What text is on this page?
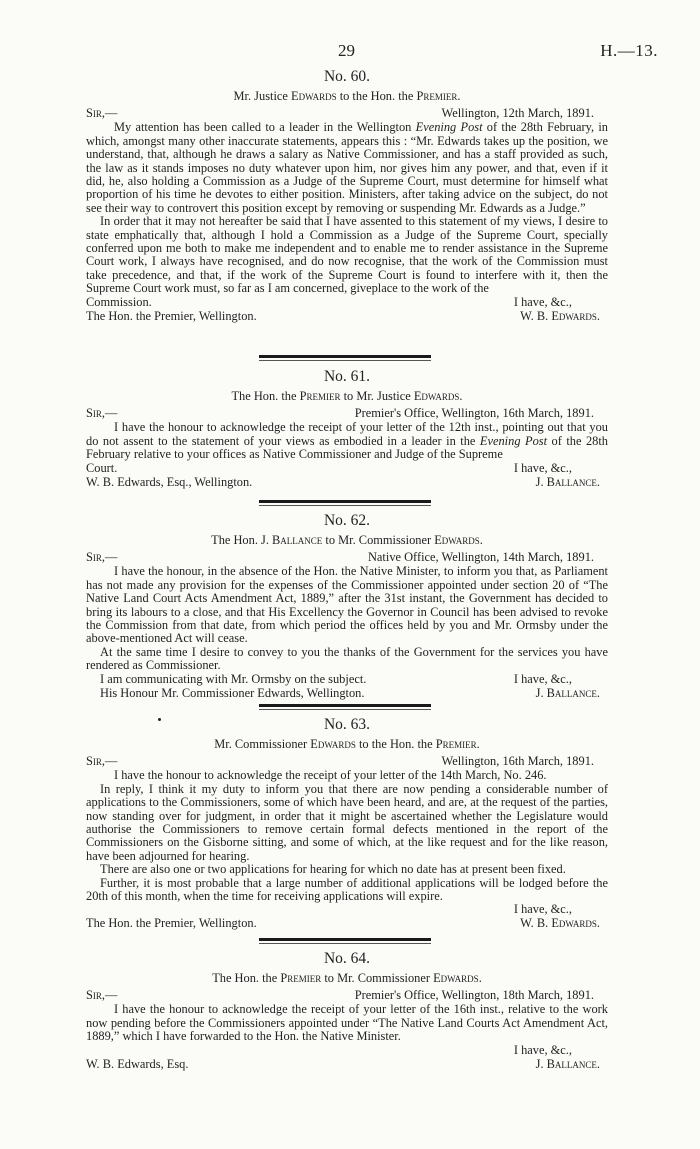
29	H.—13.
No. 60.
Mr. Justice Edwards to the Hon. the Premier.
Sir,—	Wellington, 12th March, 1891.

My attention has been called to a leader in the Wellington Evening Post of the 28th February, in which, amongst many other inaccurate statements, appears this : “Mr. Edwards takes up the position, we understand, that, although he draws a salary as Native Commissioner, and has a staff provided as such, the law as it stands imposes no duty whatever upon him, nor gives him any power, and that, even if it did, he, also holding a Commission as a Judge of the Supreme Court, must determine for himself what proportion of his time he devotes to either position. Ministers, after taking advice on the subject, do not see their way to controvert this position except by removing or suspending Mr. Edwards as a Judge.”

In order that it may not hereafter be said that I have assented to this statement of my views, I desire to state emphatically that, although I hold a Commission as a Judge of the Supreme Court, specially conferred upon me both to make me independent and to enable me to render assistance in the Supreme Court work, I always have recognised, and do now recognise, that the work of the Commission must take precedence, and that, if the work of the Supreme Court is found to interfere with it, then the Supreme Court work must, so far as I am concerned, giveplace to the work of the

Commission.	I have, &c.,
The Hon. the Premier, Wellington.	W. B. Edwards.
No. 61.
The Hon. the Premier to Mr. Justice Edwards.
Sir,—	Premier's Office, Wellington, 16th March, 1891.

I have the honour to acknowledge the receipt of your letter of the 12th inst., pointing out that you do not assent to the statement of your views as embodied in a leader in the Evening Post of the 28th February relative to your offices as Native Commissioner and Judge of the Supreme

Court.	I have, &c.,
W. B. Edwards, Esq., Wellington.	J. Ballance.
No. 62.
The Hon. J. Ballance to Mr. Commissioner Edwards.
Sir,—	Native Office, Wellington, 14th March, 1891.

I have the honour, in the absence of the Hon. the Native Minister, to inform you that, as Parliament has not made any provision for the expenses of the Commissioner appointed under section 20 of “The Native Land Court Acts Amendment Act, 1889,” after the 31st instant, the Government has decided to bring its labours to a close, and that His Excellency the Governor in Council has been advised to revoke the Commission from that date, from which period the offices held by you and Mr. Ormsby under the above-mentioned Act will cease.

At the same time I desire to convey to you the thanks of the Government for the services you have rendered as Commissioner.

I am communicating with Mr. Ormsby on the subject.	I have, &c.,
His Honour Mr. Commissioner Edwards, Wellington.	J. Ballance.
No. 63.
Mr. Commissioner Edwards to the Hon. the Premier.
Sir,—	Wellington, 16th March, 1891.

I have the honour to acknowledge the receipt of your letter of the 14th March, No. 246.

In reply, I think it my duty to inform you that there are now pending a considerable number of applications to the Commissioners, some of which have been heard, and are, at the request of the parties, now standing over for judgment, in order that it might be ascertained whether the Legislature would authorise the Commissioners to remove certain formal defects mentioned in the report of the Commissioners on the Gisborne sitting, and some of which, at the like request and for the like reason, have been adjourned for hearing.

There are also one or two applications for hearing for which no date has at present been fixed.

Further, it is most probable that a large number of additional applications will be lodged before the 20th of this month, when the time for receiving applications will expire.

I have, &c.,
The Hon. the Premier, Wellington.	W. B. Edwards.
No. 64.
The Hon. the Premier to Mr. Commissioner Edwards.
Sir,—	Premier's Office, Wellington, 18th March, 1891.

I have the honour to acknowledge the receipt of your letter of the 16th inst., relative to the work now pending before the Commissioners appointed under “The Native Land Courts Act Amendment Act, 1889,” which I have forwarded to the Hon. the Native Minister.

I have, &c.,
W. B. Edwards, Esq.	J. Ballance.
